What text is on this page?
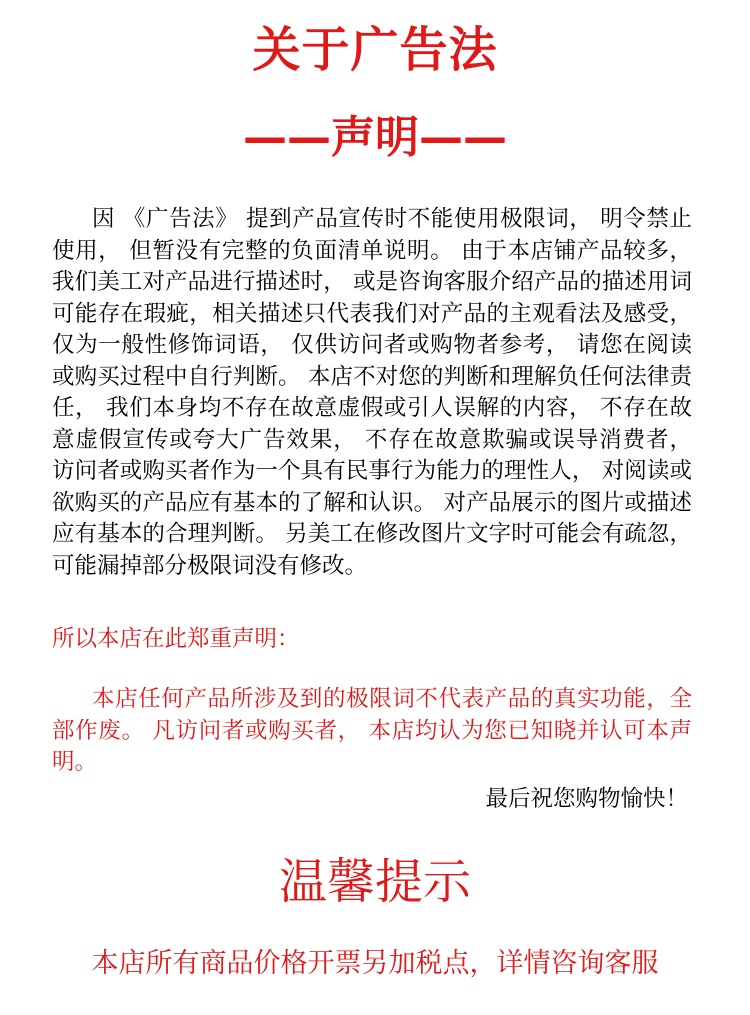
关于广告法
——声明——

因 《广告法》 提到产品宣传时不能使用极限词， 明令禁止使用， 但暂没有完整的负面清单说明。 由于本店铺产品较多， 我们美工对产品进行描述时， 或是咨询客服介绍产品的描述用词可能存在瑕疵，相关描述只代表我们对产品的主观看法及感受， 仅为一般性修饰词语， 仅供访问者或购物者参考， 请您在阅读或购买过程中自行判断。 本店不对您的判断和理解负任何法律责任， 我们本身均不存在故意虚假或引人误解的内容， 不存在故意虚假宣传或夸大广告效果， 不存在故意欺骗或误导消费者， 访问者或购买者作为一个具有民事行为能力的理性人， 对阅读或欲购买的产品应有基本的了解和认识。 对产品展示的图片或描述应有基本的合理判断。 另美工在修改图片文字时可能会有疏忽， 可能漏掉部分极限词没有修改。

所以本店在此郑重声明：

本店任何产品所涉及到的极限词不代表产品的真实功能，全部作废。 凡访问者或购买者， 本店均认为您已知晓并认可本声明。

最后祝您购物愉快！
温馨提示
本店所有商品价格开票另加税点，详情咨询客服
